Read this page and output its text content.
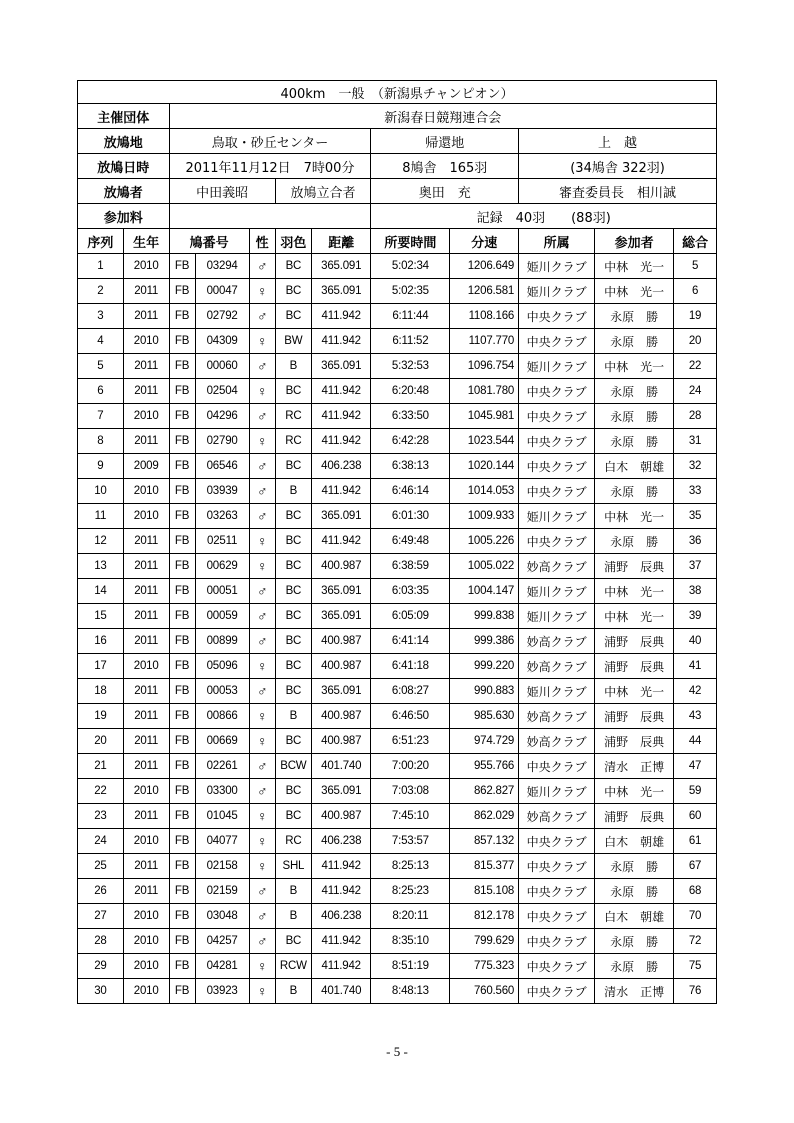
400km　一般　（新潟県チャンピオン）											
主催団体		新潟春日競翔連合会									
放鳩地		鳥取・砂丘センター					帰還地		上　越		
放鳩日時		2011年11月12日　7時00分					8鳩舎　165羽		(34鳩舎 322羽)		
放鳩者		中田義昭			放鳩立合者		奥田　充		審査委員長　相川誠		
参加料							記録　40羽　　(88羽)				
序列	生年	鳩番号		性	羽色	距離	所要時間	分速	所属	参加者	総合
1	2010	FB	03294	♂	BC	365.091	5:02:34	1206.649	姫川クラブ	中林　光一	5
2	2011	FB	00047	♀	BC	365.091	5:02:35	1206.581	姫川クラブ	中林　光一	6
3	2011	FB	02792	♂	BC	411.942	6:11:44	1108.166	中央クラブ	永原　勝	19
4	2010	FB	04309	♀	BW	411.942	6:11:52	1107.770	中央クラブ	永原　勝	20
5	2011	FB	00060	♂	B	365.091	5:32:53	1096.754	姫川クラブ	中林　光一	22
6	2011	FB	02504	♀	BC	411.942	6:20:48	1081.780	中央クラブ	永原　勝	24
7	2010	FB	04296	♂	RC	411.942	6:33:50	1045.981	中央クラブ	永原　勝	28
8	2011	FB	02790	♀	RC	411.942	6:42:28	1023.544	中央クラブ	永原　勝	31
9	2009	FB	06546	♂	BC	406.238	6:38:13	1020.144	中央クラブ	白木　朝雄	32
10	2010	FB	03939	♂	B	411.942	6:46:14	1014.053	中央クラブ	永原　勝	33
11	2010	FB	03263	♂	BC	365.091	6:01:30	1009.933	姫川クラブ	中林　光一	35
12	2011	FB	02511	♀	BC	411.942	6:49:48	1005.226	中央クラブ	永原　勝	36
13	2011	FB	00629	♀	BC	400.987	6:38:59	1005.022	妙高クラブ	浦野　辰典	37
14	2011	FB	00051	♂	BC	365.091	6:03:35	1004.147	姫川クラブ	中林　光一	38
15	2011	FB	00059	♂	BC	365.091	6:05:09	999.838	姫川クラブ	中林　光一	39
16	2011	FB	00899	♂	BC	400.987	6:41:14	999.386	妙高クラブ	浦野　辰典	40
17	2010	FB	05096	♀	BC	400.987	6:41:18	999.220	妙高クラブ	浦野　辰典	41
18	2011	FB	00053	♂	BC	365.091	6:08:27	990.883	姫川クラブ	中林　光一	42
19	2011	FB	00866	♀	B	400.987	6:46:50	985.630	妙高クラブ	浦野　辰典	43
20	2011	FB	00669	♀	BC	400.987	6:51:23	974.729	妙高クラブ	浦野　辰典	44
21	2011	FB	02261	♂	BCW	401.740	7:00:20	955.766	中央クラブ	清水　正博	47
22	2010	FB	03300	♂	BC	365.091	7:03:08	862.827	姫川クラブ	中林　光一	59
23	2011	FB	01045	♀	BC	400.987	7:45:10	862.029	妙高クラブ	浦野　辰典	60
24	2010	FB	04077	♀	RC	406.238	7:53:57	857.132	中央クラブ	白木　朝雄	61
25	2011	FB	02158	♀	SHL	411.942	8:25:13	815.377	中央クラブ	永原　勝	67
26	2011	FB	02159	♂	B	411.942	8:25:23	815.108	中央クラブ	永原　勝	68
27	2010	FB	03048	♂	B	406.238	8:20:11	812.178	中央クラブ	白木　朝雄	70
28	2010	FB	04257	♂	BC	411.942	8:35:10	799.629	中央クラブ	永原　勝	72
29	2010	FB	04281	♀	RCW	411.942	8:51:19	775.323	中央クラブ	永原　勝	75
30	2010	FB	03923	♀	B	401.740	8:48:13	760.560	中央クラブ	清水　正博	76
- 5 -
